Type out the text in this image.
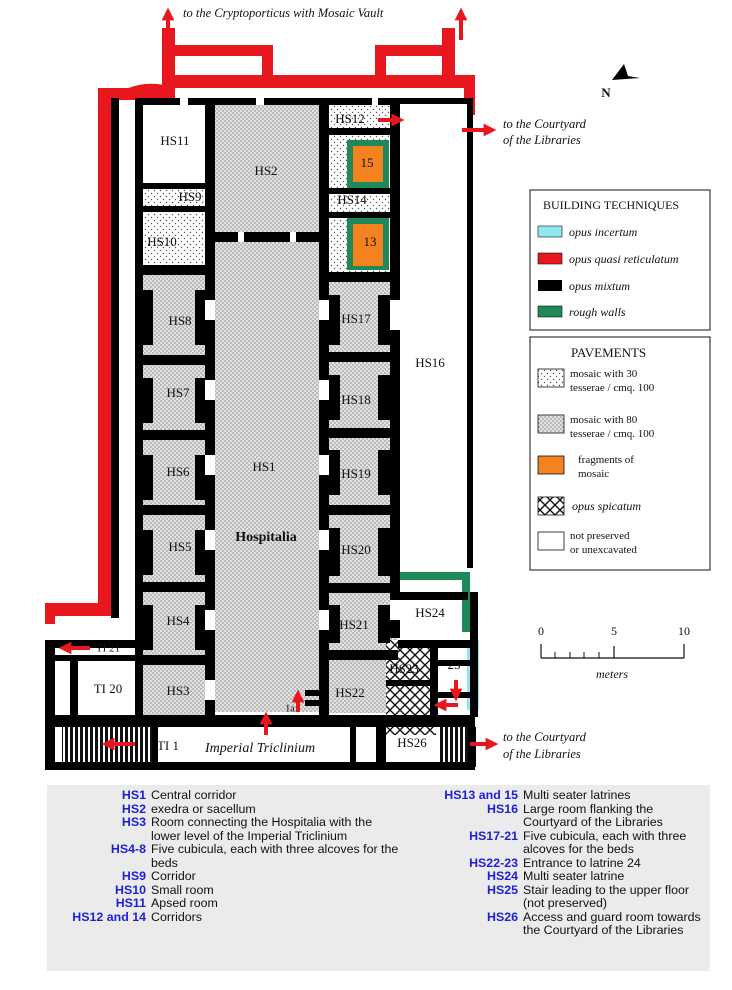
to the Cryptoporticus with Mosaic Vault
to the Courtyard
of the Libraries
to the Courtyard
of the Libraries
N
HS11
HS2
HS9
HS10
HS12
15
HS14
13
HS8
HS7
HS6
HS5
HS4
HS3
HS1
Hospitalia
HS17
HS18
HS19
HS20
HS21
HS22
HS16
HS24
HS23 25
HS26
TI 21
TI 20
TI 1
1a
Imperial Triclinium
BUILDING TECHNIQUES
opus incertum
opus quasi reticulatum
opus mixtum
rough walls
PAVEMENTS
mosaic with 30
tesserae / cmq. 100
mosaic with 80
tesserae / cmq. 100
fragments of
mosaic
opus spicatum
not preserved
or unexcavated
0	5	10
meters
HS1 Central corridor
HS2 exedra or sacellum
HS3 Room connecting the Hospitalia with the lower level of the Imperial Triclinium
HS4-8 Five cubicula, each with three alcoves for the beds
HS9 Corridor
HS10 Small room
HS11 Apsed room
HS12 and 14 Corridors
HS13 and 15 Multi seater latrines
HS16 Large room flanking the Courtyard of the Libraries
HS17-21 Five cubicula, each with three alcoves for the beds
HS22-23 Entrance to latrine 24
HS24 Multi seater latrine
HS25 Stair leading to the upper floor (not preserved)
HS26 Access and guard room towards the Courtyard of the Libraries
